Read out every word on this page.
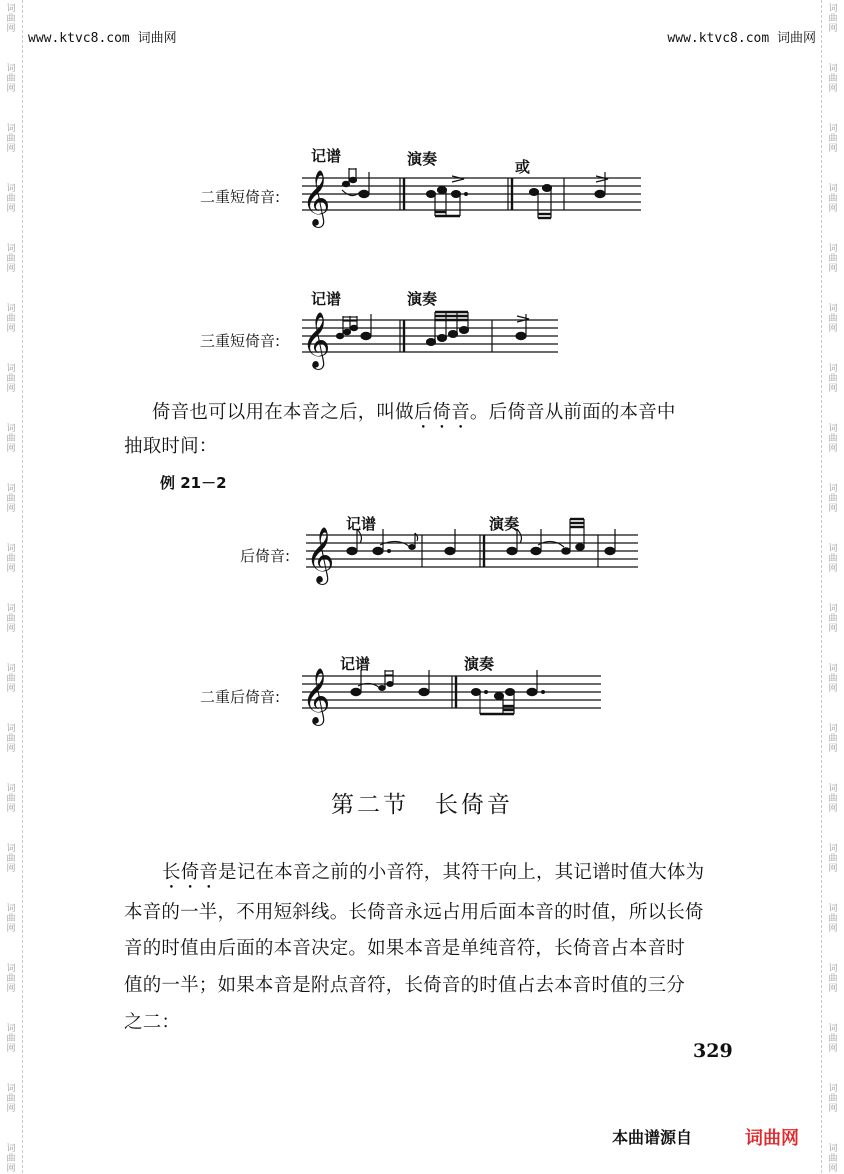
词
曲
网
词
曲
网
词
曲
网
词
曲
网
词
曲
网
词
曲
网
词
曲
网
词
曲
网
词
曲
网
词
曲
网
词
曲
网
词
曲
网
词
曲
网
词
曲
网
词
曲
网
词
曲
网
词
曲
网
词
曲
网
词
曲
网
词
曲
网
词
曲
网
词
曲
网
词
曲
网
词
曲
网
词
曲
网
词
曲
网
词
曲
网
词
曲
网
词
曲
网
词
曲
网
词
曲
网
词
曲
网
词
曲
网
词
曲
网
词
曲
网
词
曲
网
词
曲
网
词
曲
网
词
曲
网
词
曲
网
www.ktvc8.com 词曲网	www.ktvc8.com 词曲网
记谱	演奏	或
二重短倚音: 𝄞
记谱	演奏
三重短倚音: 𝄞

倚音也可以用在本音之后，叫做后倚音。后倚音从前面的本音中

抽取时间：

例 21－2
记谱	演奏
后倚音: 𝄞
记谱	演奏
二重后倚音: 𝄞
第二节　长倚音

长倚音是记在本音之前的小音符，其符干向上，其记谱时值大体为

本音的一半，不用短斜线。长倚音永远占用后面本音的时值，所以长倚

音的时值由后面的本音决定。如果本音是单纯音符，长倚音占本音时

值的一半；如果本音是附点音符，长倚音的时值占去本音时值的三分

之二：

329
本曲谱源自	词曲网
